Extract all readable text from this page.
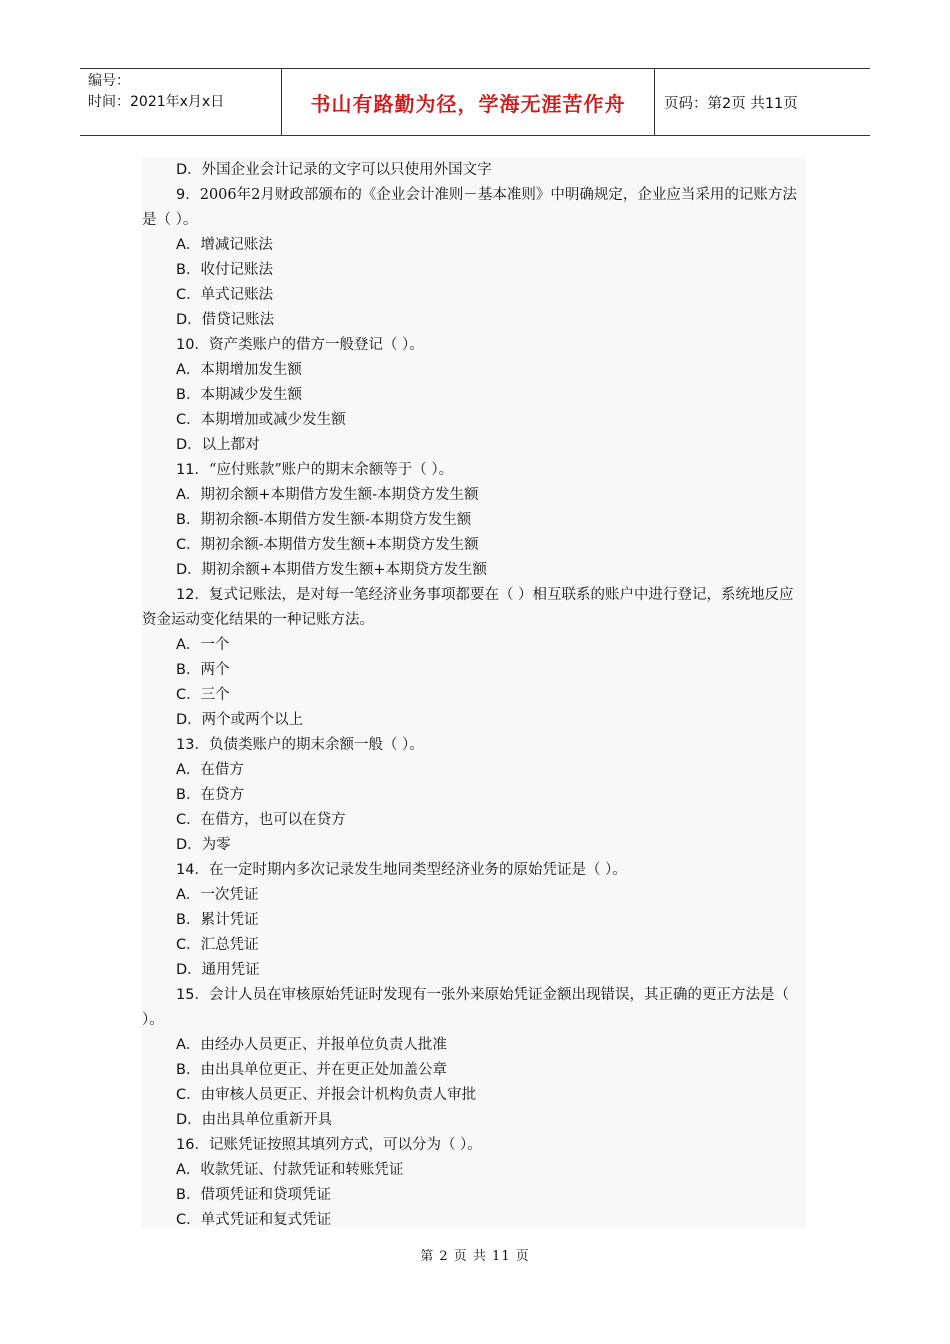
编号：
时间：2021年x月x日	书山有路勤为径，学海无涯苦作舟	页码：第2页 共11页

D．外国企业会计记录的文字可以只使用外国文字

9．2006年2月财政部颁布的《企业会计准则－基本准则》中明确规定，企业应当采用的记账方法是（ ）。

A．增减记账法

B．收付记账法

C．单式记账法

D．借贷记账法

10．资产类账户的借方一般登记（ ）。

A．本期增加发生额

B．本期减少发生额

C．本期增加或减少发生额

D．以上都对

11．“应付账款”账户的期末余额等于（ ）。

A．期初余额+本期借方发生额-本期贷方发生额

B．期初余额-本期借方发生额-本期贷方发生额

C．期初余额-本期借方发生额+本期贷方发生额

D．期初余额+本期借方发生额+本期贷方发生额

12．复式记账法，是对每一笔经济业务事项都要在（ ）相互联系的账户中进行登记，系统地反应资金运动变化结果的一种记账方法。

A．一个

B．两个

C．三个

D．两个或两个以上

13．负债类账户的期末余额一般（ ）。

A．在借方

B．在贷方

C．在借方，也可以在贷方

D．为零

14．在一定时期内多次记录发生地同类型经济业务的原始凭证是（ ）。

A．一次凭证

B．累计凭证

C．汇总凭证

D．通用凭证

15．会计人员在审核原始凭证时发现有一张外来原始凭证金额出现错误，其正确的更正方法是（ ）。

A．由经办人员更正、并报单位负责人批准

B．由出具单位更正、并在更正处加盖公章

C．由审核人员更正、并报会计机构负责人审批

D．由出具单位重新开具

16．记账凭证按照其填列方式，可以分为（ ）。

A．收款凭证、付款凭证和转账凭证

B．借项凭证和贷项凭证

C．单式凭证和复式凭证

第 2 页 共 11 页
